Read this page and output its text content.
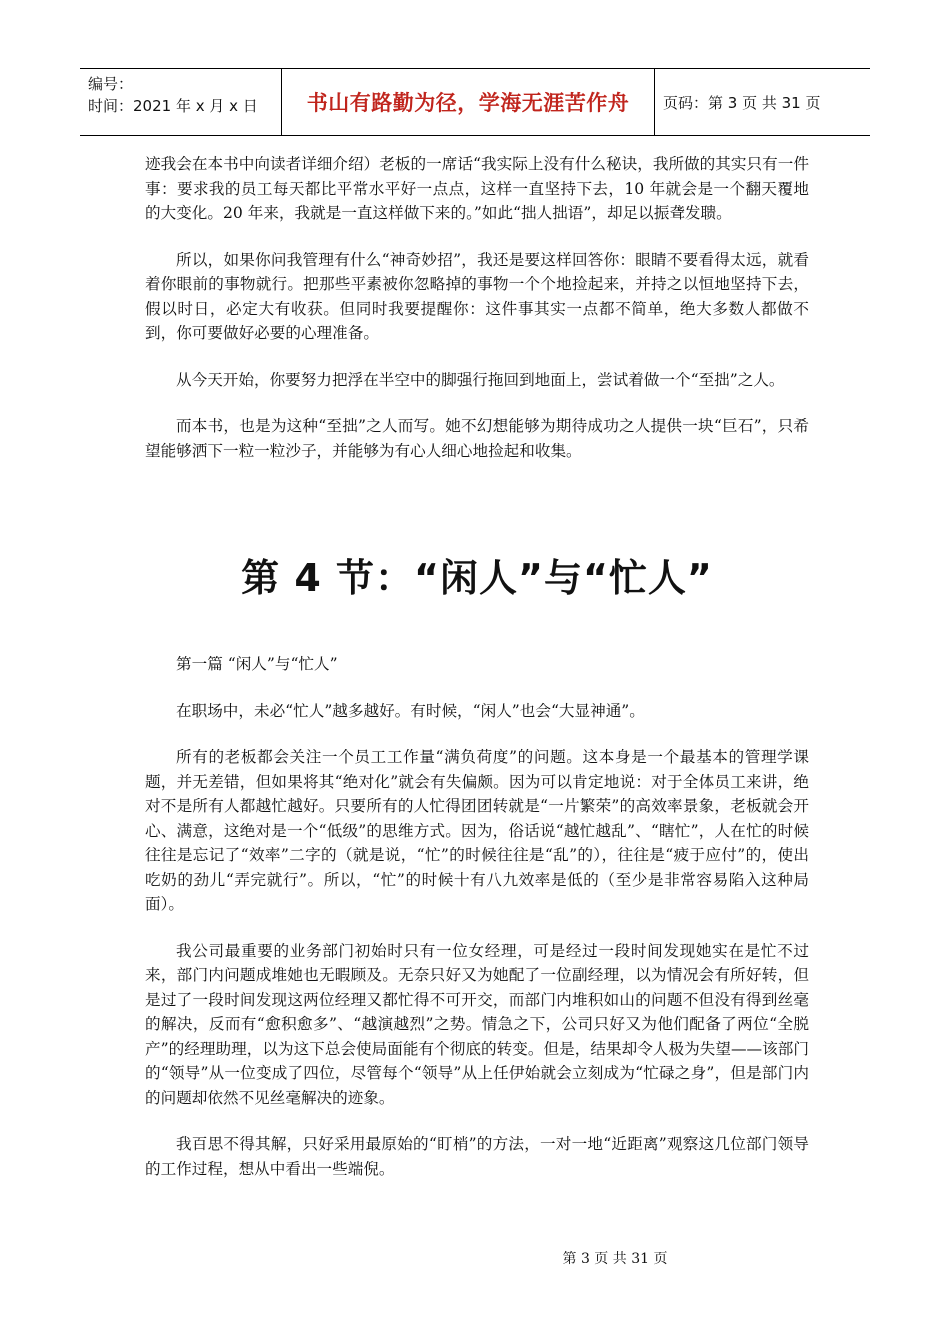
编号：
时间：2021 年 x 月 x 日	书山有路勤为径，学海无涯苦作舟 页码：第 3 页 共 31 页

迹我会在本书中向读者详细介绍）老板的一席话“我实际上没有什么秘诀，我所做的其实只有一件事：要求我的员工每天都比平常水平好一点点，这样一直坚持下去，10 年就会是一个翻天覆地的大变化。20 年来，我就是一直这样做下来的。”如此“拙人拙语”，却足以振聋发聩。

所以，如果你问我管理有什么“神奇妙招”，我还是要这样回答你：眼睛不要看得太远，就看着你眼前的事物就行。把那些平素被你忽略掉的事物一个个地捡起来，并持之以恒地坚持下去，假以时日，必定大有收获。但同时我要提醒你：这件事其实一点都不简单，绝大多数人都做不到，你可要做好必要的心理准备。

从今天开始，你要努力把浮在半空中的脚强行拖回到地面上，尝试着做一个“至拙”之人。

而本书，也是为这种“至拙”之人而写。她不幻想能够为期待成功之人提供一块“巨石”，只希望能够洒下一粒一粒沙子，并能够为有心人细心地捡起和收集。

第 4 节：“闲人”与“忙人”

第一篇 “闲人”与“忙人”

在职场中，未必“忙人”越多越好。有时候，“闲人”也会“大显神通”。

所有的老板都会关注一个员工工作量“满负荷度”的问题。这本身是一个最基本的管理学课题，并无差错，但如果将其“绝对化”就会有失偏颇。因为可以肯定地说：对于全体员工来讲，绝对不是所有人都越忙越好。只要所有的人忙得团团转就是“一片繁荣”的高效率景象，老板就会开心、满意，这绝对是一个“低级”的思维方式。因为，俗话说“越忙越乱”、“瞎忙”，人在忙的时候往往是忘记了“效率”二字的（就是说，“忙”的时候往往是“乱”的），往往是“疲于应付”的，使出吃奶的劲儿“弄完就行”。所以，“忙”的时候十有八九效率是低的（至少是非常容易陷入这种局面）。

我公司最重要的业务部门初始时只有一位女经理，可是经过一段时间发现她实在是忙不过来，部门内问题成堆她也无暇顾及。无奈只好又为她配了一位副经理，以为情况会有所好转，但是过了一段时间发现这两位经理又都忙得不可开交，而部门内堆积如山的问题不但没有得到丝毫的解决，反而有“愈积愈多”、“越演越烈”之势。情急之下，公司只好又为他们配备了两位“全脱产”的经理助理，以为这下总会使局面能有个彻底的转变。但是，结果却令人极为失望——该部门的“领导”从一位变成了四位，尽管每个“领导”从上任伊始就会立刻成为“忙碌之身”，但是部门内的问题却依然不见丝毫解决的迹象。

我百思不得其解，只好采用最原始的“盯梢”的方法，一对一地“近距离”观察这几位部门领导的工作过程，想从中看出一些端倪。

第 3 页 共 31 页
